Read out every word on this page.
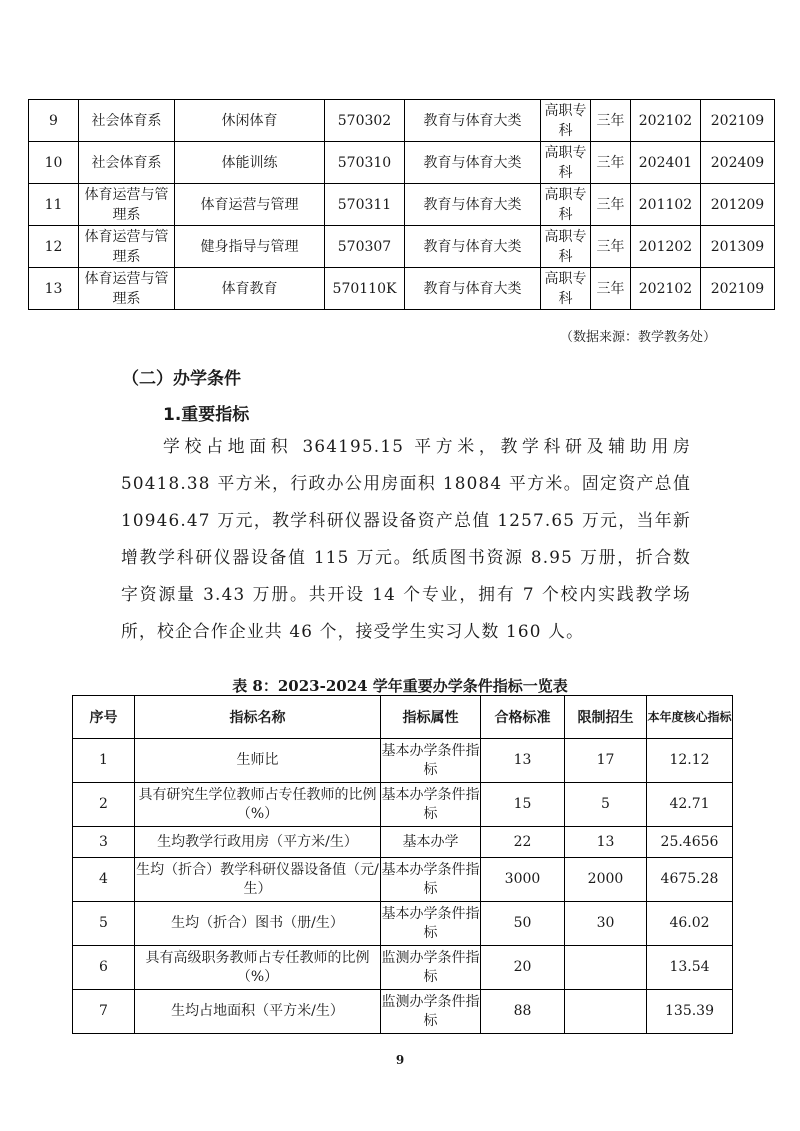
9	社会体育系	休闲体育	570302	教育与体育大类	高职专科	三年	202102	202109
10	社会体育系	体能训练	570310	教育与体育大类	高职专科	三年	202401	202409
11	体育运营与管理系	体育运营与管理	570311	教育与体育大类	高职专科	三年	201102	201209
12	体育运营与管理系	健身指导与管理	570307	教育与体育大类	高职专科	三年	201202	201309
13	体育运营与管理系	体育教育	570110K	教育与体育大类	高职专科	三年	202102	202109
（数据来源：教学教务处）
（二）办学条件
1.重要指标
学校占地面积 364195.15 平方米，教学科研及辅助用房 50418.38 平方米，行政办公用房面积 18084 平方米。固定资产总值 10946.47 万元，教学科研仪器设备资产总值 1257.65 万元，当年新增教学科研仪器设备值 115 万元。纸质图书资源 8.95 万册，折合数字资源量 3.43 万册。共开设 14 个专业，拥有 7 个校内实践教学场所，校企合作企业共 46 个，接受学生实习人数 160 人。
表 8：2023-2024 学年重要办学条件指标一览表
序号	指标名称	指标属性	合格标准	限制招生	本年度核心指标
1	生师比	基本办学条件指标	13	17	12.12
2	具有研究生学位教师占专任教师的比例（%）	基本办学条件指标	15	5	42.71
3	生均教学行政用房（平方米/生）	基本办学	22	13	25.4656
4	生均（折合）教学科研仪器设备值（元/生）	基本办学条件指标	3000	2000	4675.28
5	生均（折合）图书（册/生）	基本办学条件指标	50	30	46.02
6	具有高级职务教师占专任教师的比例（%）	监测办学条件指标	20		13.54
7	生均占地面积（平方米/生）	监测办学条件指标	88		135.39
9
